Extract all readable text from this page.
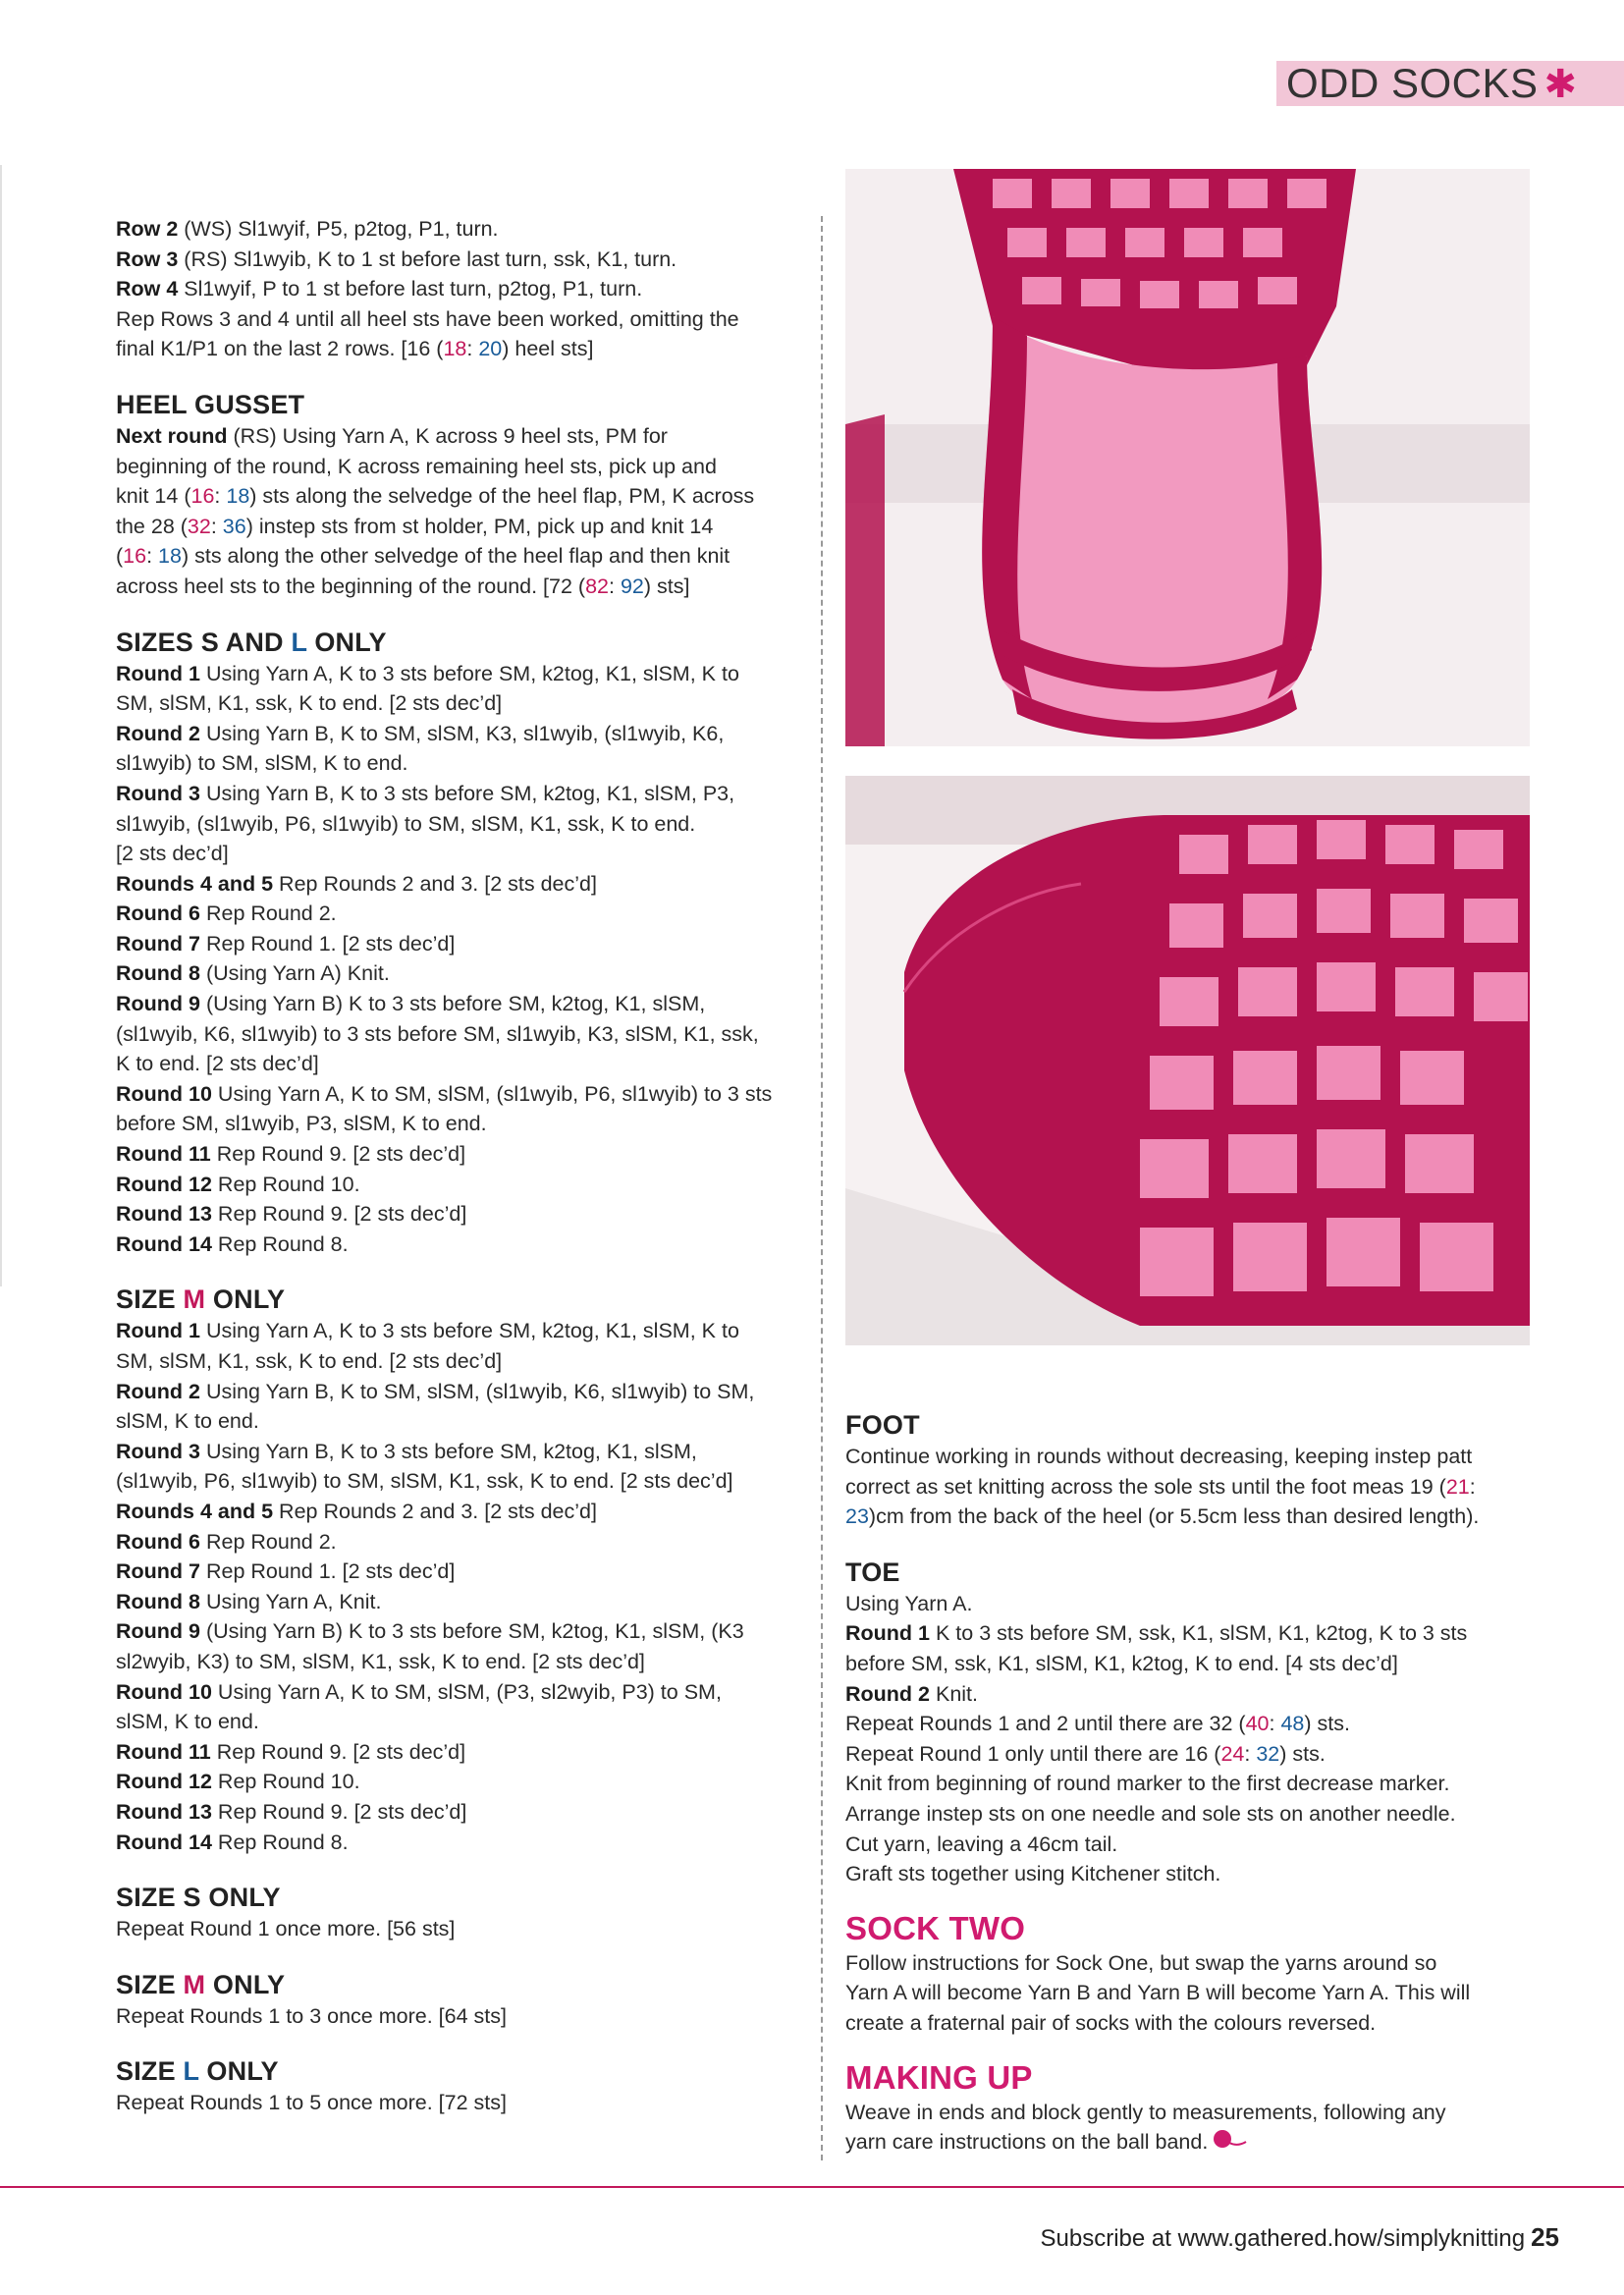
ODD SOCKS ✱

Row 2 (WS) Sl1wyif, P5, p2tog, P1, turn.

Row 3 (RS) Sl1wyib, K to 1 st before last turn, ssk, K1, turn.

Row 4 Sl1wyif, P to 1 st before last turn, p2tog, P1, turn.

Rep Rows 3 and 4 until all heel sts have been worked, omitting the

final K1/P1 on the last 2 rows. [16 (18: 20) heel sts]

HEEL GUSSET

Next round (RS) Using Yarn A, K across 9 heel sts, PM for

beginning of the round, K across remaining heel sts, pick up and

knit 14 (16: 18) sts along the selvedge of the heel flap, PM, K across

the 28 (32: 36) instep sts from st holder, PM, pick up and knit 14

(16: 18) sts along the other selvedge of the heel flap and then knit

across heel sts to the beginning of the round. [72 (82: 92) sts]

SIZES S AND L ONLY

Round 1 Using Yarn A, K to 3 sts before SM, k2tog, K1, slSM, K to

SM, slSM, K1, ssk, K to end. [2 sts dec’d]

Round 2 Using Yarn B, K to SM, slSM, K3, sl1wyib, (sl1wyib, K6,

sl1wyib) to SM, slSM, K to end.

Round 3 Using Yarn B, K to 3 sts before SM, k2tog, K1, slSM, P3,

sl1wyib, (sl1wyib, P6, sl1wyib) to SM, slSM, K1, ssk, K to end.

[2 sts dec’d]

Rounds 4 and 5 Rep Rounds 2 and 3. [2 sts dec’d]

Round 6 Rep Round 2.

Round 7 Rep Round 1. [2 sts dec’d]

Round 8 (Using Yarn A) Knit.

Round 9 (Using Yarn B) K to 3 sts before SM, k2tog, K1, slSM,

(sl1wyib, K6, sl1wyib) to 3 sts before SM, sl1wyib, K3, slSM, K1, ssk,

K to end. [2 sts dec’d]

Round 10 Using Yarn A, K to SM, slSM, (sl1wyib, P6, sl1wyib) to 3 sts

before SM, sl1wyib, P3, slSM, K to end.

Round 11 Rep Round 9. [2 sts dec’d]

Round 12 Rep Round 10.

Round 13 Rep Round 9. [2 sts dec’d]

Round 14 Rep Round 8.

SIZE M ONLY

Round 1 Using Yarn A, K to 3 sts before SM, k2tog, K1, slSM, K to

SM, slSM, K1, ssk, K to end. [2 sts dec’d]

Round 2 Using Yarn B, K to SM, slSM, (sl1wyib, K6, sl1wyib) to SM,

slSM, K to end.

Round 3 Using Yarn B, K to 3 sts before SM, k2tog, K1, slSM,

(sl1wyib, P6, sl1wyib) to SM, slSM, K1, ssk, K to end. [2 sts dec’d]

Rounds 4 and 5 Rep Rounds 2 and 3. [2 sts dec’d]

Round 6 Rep Round 2.

Round 7 Rep Round 1. [2 sts dec’d]

Round 8 Using Yarn A, Knit.

Round 9 (Using Yarn B) K to 3 sts before SM, k2tog, K1, slSM, (K3

sl2wyib, K3) to SM, slSM, K1, ssk, K to end. [2 sts dec’d]

Round 10 Using Yarn A, K to SM, slSM, (P3, sl2wyib, P3) to SM,

slSM, K to end.

Round 11 Rep Round 9. [2 sts dec’d]

Round 12 Rep Round 10.

Round 13 Rep Round 9. [2 sts dec’d]

Round 14 Rep Round 8.

SIZE S ONLY

Repeat Round 1 once more. [56 sts]

SIZE M ONLY

Repeat Rounds 1 to 3 once more. [64 sts]

SIZE L ONLY

Repeat Rounds 1 to 5 once more. [72 sts]

FOOT

Continue working in rounds without decreasing, keeping instep patt

correct as set knitting across the sole sts until the foot meas 19 (21:

23)cm from the back of the heel (or 5.5cm less than desired length).

TOE

Using Yarn A.

Round 1 K to 3 sts before SM, ssk, K1, slSM, K1, k2tog, K to 3 sts

before SM, ssk, K1, slSM, K1, k2tog, K to end. [4 sts dec’d]

Round 2 Knit.

Repeat Rounds 1 and 2 until there are 32 (40: 48) sts.

Repeat Round 1 only until there are 16 (24: 32) sts.

Knit from beginning of round marker to the first decrease marker.

Arrange instep sts on one needle and sole sts on another needle.

Cut yarn, leaving a 46cm tail.

Graft sts together using Kitchener stitch.

SOCK TWO

Follow instructions for Sock One, but swap the yarns around so

Yarn A will become Yarn B and Yarn B will become Yarn A. This will

create a fraternal pair of socks with the colours reversed.

MAKING UP

Weave in ends and block gently to measurements, following any

yarn care instructions on the ball band.

Subscribe at www.gathered.how/simplyknitting 25
